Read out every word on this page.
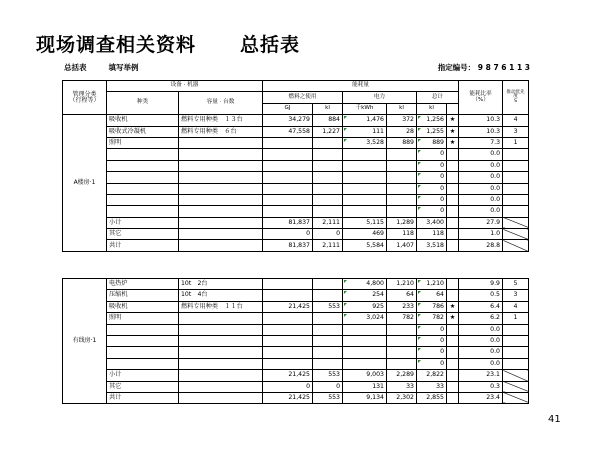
现场调查相关资料 总括表
总括表	填写举例	指定编号： 9 8 7 6 1 1 3
管理分类
（行程等）	设备 · 机器		能耗量						能耗比率
（%）	推动优先度
S
	种类	容量 · 台数	燃料之使用		电力		总计			
			GJ	kl	千kWh	kl	kl			
A楼房·1	吸收机	燃料专用种类　１３台	34,279	884	1,476	372	1,256	★	10.3	4
	吸收式冷凝机	燃料专用种类　６台	47,558	1,227	111	28	1,255	★	10.3	3
	照明				3,528	889	889	★	7.3	1
							0		0.0	
							0		0.0	
							0		0.0	
							0		0.0	
							0		0.0	
							0		0.0	
	小计		81,837	2,111	5,115	1,289	3,400		27.9	
	其它		0	0	469	118	118		1.0	
	共计		81,837	2,111	5,584	1,407	3,518		28.8	
有线房·1	电热炉	10t　2台			4,800	1,210	1,210		9.9	5
	压缩机	10t　4台			254	64	64		0.5	3
	吸收机	燃料专用种类　１１台	21,425	553	925	233	786	★	6.4	4
	照明				3,024	782	782	★	6.2	1
							0		0.0	
							0		0.0	
							0		0.0	
							0		0.0	
	小计		21,425	553	9,003	2,289	2,822		23.1	
	其它		0	0	131	33	33		0.3	
	共计		21,425	553	9,134	2,302	2,855		23.4	
41
